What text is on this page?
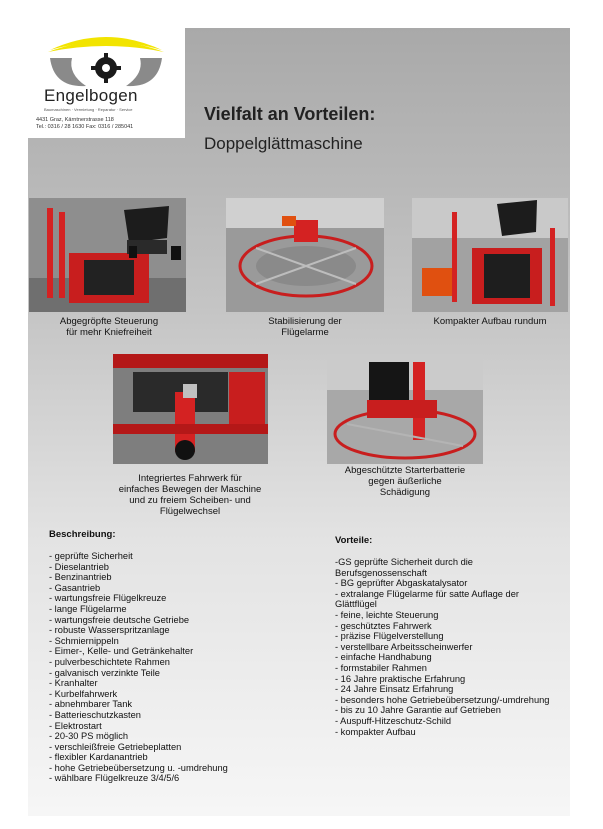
Engelbogen
Baumaschinen · Vermietung · Reparatur · Service
4431 Graz, Kärntnerstrasse 118
Tel.: 0316 / 28 1630 Fax: 0316 / 285041
Vielfalt an Vorteilen:
Doppelglättmaschine
Abgegröpfte Steuerung
für mehr Kniefreiheit
Stabilisierung der
Flügelarme
Kompakter Aufbau rundum
Integriertes Fahrwerk für
einfaches Bewegen der Maschine
und zu freiem Scheiben- und
Flügelwechsel
Abgeschützte Starterbatterie
gegen äußerliche
Schädigung
Beschreibung:
- geprüfte Sicherheit
- Dieselantrieb
- Benzinantrieb
- Gasantrieb
- wartungsfreie Flügelkreuze
- lange Flügelarme
- wartungsfreie deutsche Getriebe
- robuste Wasserspritzanlage
- Schmiernippeln
- Eimer-, Kelle- und Getränkehalter
- pulverbeschichtete Rahmen
- galvanisch verzinkte Teile
- Kranhalter
- Kurbelfahrwerk
- abnehmbarer Tank
- Batterieschutzkasten
- Elektrostart
- 20-30 PS möglich
- verschleißfreie Getriebeplatten
- flexibler Kardanantrieb
- hohe Getriebeübersetzung u. -umdrehung
- wählbare Flügelkreuze 3/4/5/6
Vorteile:
-GS geprüfte Sicherheit durch die
Berufsgenossenschaft
- BG geprüfter Abgaskatalysator
- extralange Flügelarme für satte Auflage der
Glättflügel
- feine, leichte Steuerung
- geschütztes Fahrwerk
- präzise Flügelverstellung
- verstellbare Arbeitsscheinwerfer
- einfache Handhabung
- formstabiler Rahmen
- 16 Jahre praktische Erfahrung
- 24 Jahre Einsatz Erfahrung
- besonders hohe Getriebeübersetzung/-umdrehung
- bis zu 10 Jahre Garantie auf Getrieben
- Auspuff-Hitzeschutz-Schild
- kompakter Aufbau
